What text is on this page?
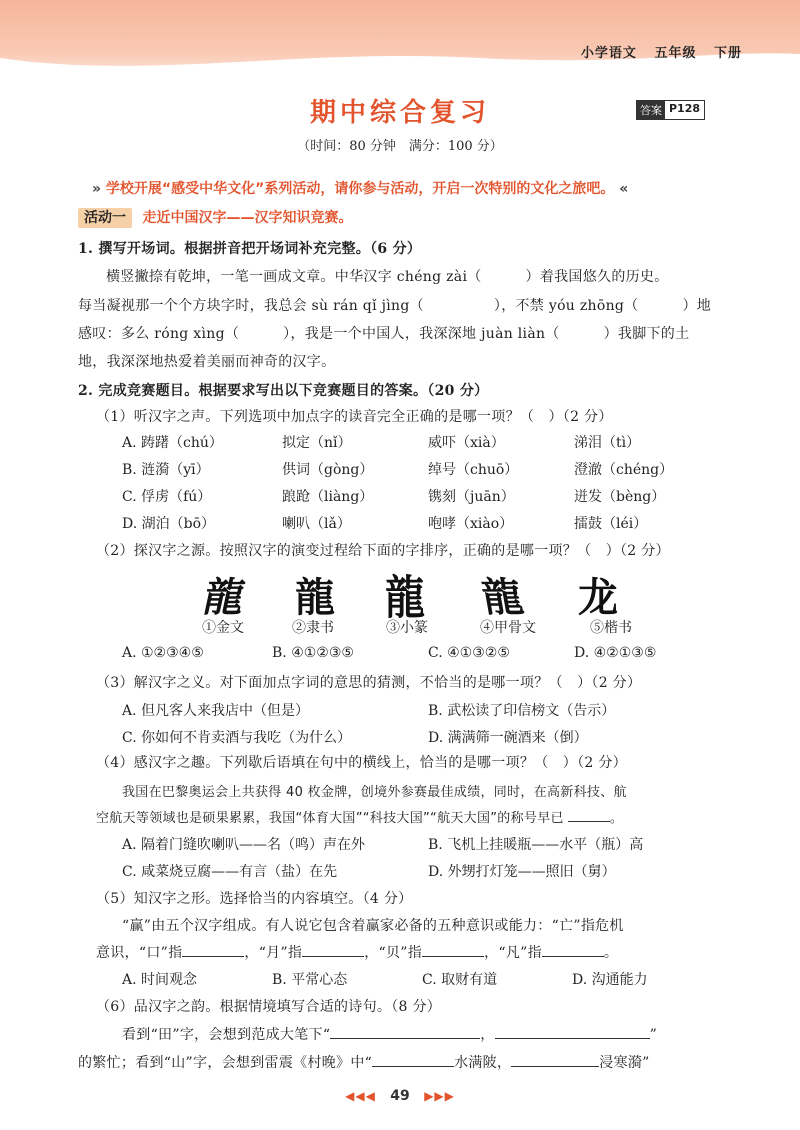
小学语文 五年级 下册
期中综合复习	答案 P128
（时间：80 分钟　满分：100 分）
» 学校开展“感受中华文化”系列活动，请你参与活动，开启一次特别的文化之旅吧。 «
活动一 走近中国汉字——汉字知识竞赛。
1. 撰写开场词。根据拼音把开场词补充完整。（6 分）
横竖撇捺有乾坤，一笔一画成文章。中华汉字 chéng zài（	）着我国悠久的历史。
每当凝视那一个个方块字时，我总会 sù rán qǐ jìng（	），不禁 yóu zhōng（	）地
感叹：多么 róng xìng（	），我是一个中国人，我深深地 juàn liàn（	）我脚下的土
地，我深深地热爱着美丽而神奇的汉字。
2. 完成竞赛题目。根据要求写出以下竞赛题目的答案。（20 分）
（1）听汉字之声。下列选项中加点字的读音完全正确的是哪一项？（　）（2 分）
A. 踌躇（chú）	拟定（nǐ）	威吓（xià）	涕泪（tì）
B. 涟漪（yī）	供词（gòng）	绰号（chuō）	澄澈（chéng）
C. 俘虏（fú）	踉跄（liàng）	镌刻（juān）	迸发（bèng）
D. 湖泊（bō）	喇叭（lǎ）	咆哮（xiào）	擂鼓（léi）
（2）探汉字之源。按照汉字的演变过程给下面的字排序，正确的是哪一项？（　）（2 分）
龍 龍 龍 龍 龙
①金文	②隶书	③小篆	④甲骨文	⑤楷书
A. ①②③④⑤	B. ④①②③⑤	C. ④①③②⑤	D. ④②①③⑤
（3）解汉字之义。对下面加点字词的意思的猜测，不恰当的是哪一项？（　）（2 分）
A. 但凡客人来我店中（但是）	B. 武松读了印信榜文（告示）
C. 你如何不肯卖酒与我吃（为什么）	D. 满满筛一碗酒来（倒）
（4）感汉字之趣。下列歇后语填在句中的横线上，恰当的是哪一项？（　）（2 分）
我国在巴黎奥运会上共获得 40 枚金牌，创境外参赛最佳成绩，同时，在高新科技、航
空航天等领域也是硕果累累，我国“体育大国”“科技大国”“航天大国”的称号早已	。
A. 隔着门缝吹喇叭——名（鸣）声在外	B. 飞机上挂暖瓶——水平（瓶）高
C. 咸菜烧豆腐——有言（盐）在先	D. 外甥打灯笼——照旧（舅）
（5）知汉字之形。选择恰当的内容填空。（4 分）
“赢”由五个汉字组成。有人说它包含着赢家必备的五种意识或能力：“亡”指危机
意识，“口”指	，“月”指	，“贝”指	，“凡”指	。
A. 时间观念	B. 平常心态	C. 取财有道	D. 沟通能力
（6）品汉字之韵。根据情境填写合适的诗句。（8 分）
看到“田”字，会想到范成大笔下“	，	”
的繁忙；看到“山”字，会想到雷震《村晚》中“	水满陂，	浸寒漪”
◀◀◀ 49 ▶▶▶
